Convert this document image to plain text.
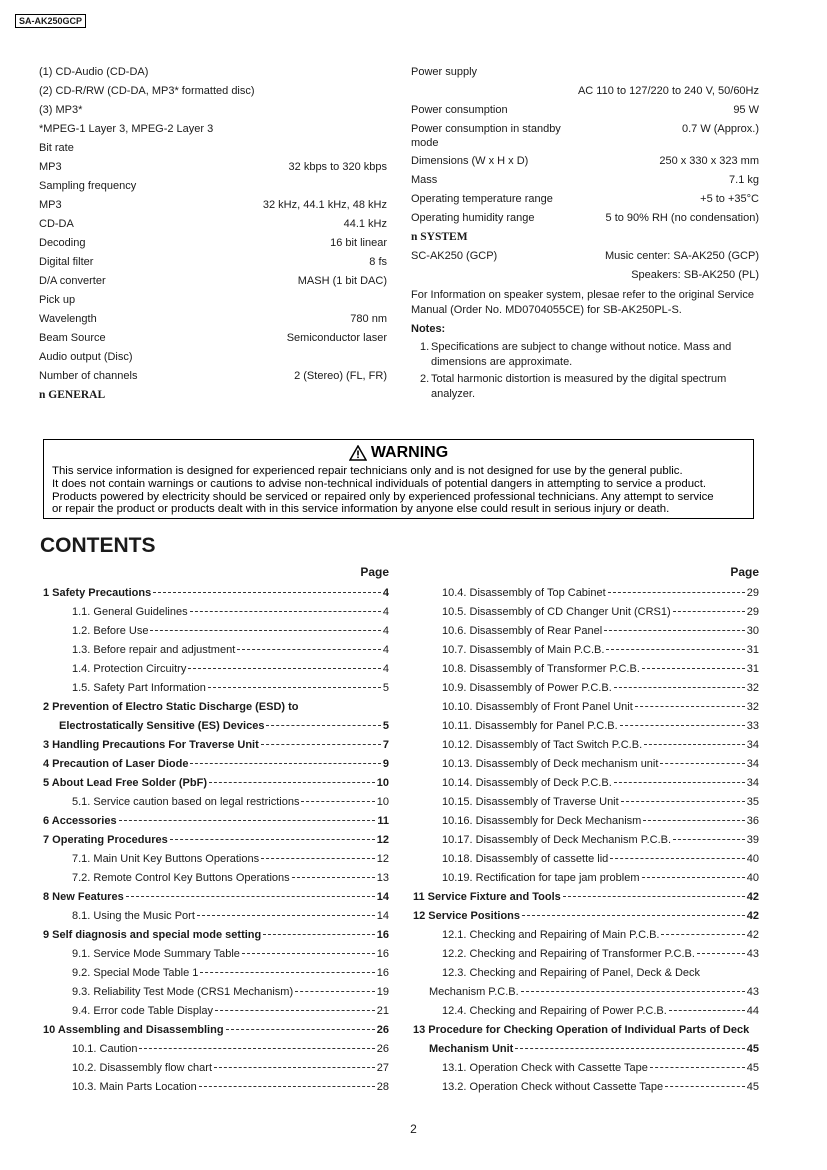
SA-AK250GCP
(1) CD-Audio (CD-DA)
(2) CD-R/RW (CD-DA, MP3* formatted disc)
(3) MP3*
*MPEG-1 Layer 3, MPEG-2 Layer 3
Bit rate
MP3	32 kbps to 320 kbps
Sampling frequency
MP3	32 kHz, 44.1 kHz, 48 kHz
CD-DA	44.1 kHz
Decoding	16 bit linear
Digital filter	8 fs
D/A converter	MASH (1 bit DAC)
Pick up
Wavelength	780 nm
Beam Source	Semiconductor laser
Audio output (Disc)
Number of channels	2 (Stereo) (FL, FR)
n GENERAL
Power supply
AC 110 to 127/220 to 240 V, 50/60Hz
Power consumption	95 W
Power consumption in standby
mode
0.7 W (Approx.)
Dimensions (W x H x D)	250 x 330 x 323 mm
Mass	7.1 kg
Operating temperature range	+5 to +35°C
Operating humidity range	5 to 90% RH (no condensation)
n SYSTEM
SC-AK250 (GCP)	Music center: SA-AK250 (GCP)
Speakers: SB-AK250 (PL)
For Information on speaker system, plesae refer to the original Service Manual (Order No. MD0704055CE) for SB-AK250PL-S.
Notes:
1. Specifications are subject to change without notice. Mass and dimensions are approximate.
2. Total harmonic distortion is measured by the digital spectrum analyzer.
WARNING
This service information is designed for experienced repair technicians only and is not designed for use by the general public.
It does not contain warnings or cautions to advise non-technical individuals of potential dangers in attempting to service a product.
Products powered by electricity should be serviced or repaired only by experienced professional technicians. Any attempt to service
or repair the product or products dealt with in this service information by anyone else could result in serious injury or death.
CONTENTS
Page
1 Safety Precautions	4
1.1. General Guidelines	4
1.2. Before Use	4
1.3. Before repair and adjustment	4
1.4. Protection Circuitry	4
1.5. Safety Part Information	5
2 Prevention of Electro Static Discharge (ESD) to
Electrostatically Sensitive (ES) Devices	5
3 Handling Precautions For Traverse Unit	7
4 Precaution of Laser Diode	9
5 About Lead Free Solder (PbF)	10
5.1. Service caution based on legal restrictions	10
6 Accessories	11
7 Operating Procedures	12
7.1. Main Unit Key Buttons Operations	12
7.2. Remote Control Key Buttons Operations	13
8 New Features	14
8.1. Using the Music Port	14
9 Self diagnosis and special mode setting	16
9.1. Service Mode Summary Table	16
9.2. Special Mode Table 1	16
9.3. Reliability Test Mode (CRS1 Mechanism)	19
9.4. Error code Table Display	21
10 Assembling and Disassembling	26
10.1. Caution	26
10.2. Disassembly flow chart	27
10.3. Main Parts Location	28
Page
10.4. Disassembly of Top Cabinet	29
10.5. Disassembly of CD Changer Unit (CRS1)	29
10.6. Disassembly of Rear Panel	30
10.7. Disassembly of Main P.C.B.	31
10.8. Disassembly of Transformer P.C.B.	31
10.9. Disassembly of Power P.C.B.	32
10.10. Disassembly of Front Panel Unit	32
10.11. Disassembly for Panel P.C.B.	33
10.12. Disassembly of Tact Switch P.C.B.	34
10.13. Disassembly of Deck mechanism unit	34
10.14. Disassembly of Deck P.C.B.	34
10.15. Disassembly of Traverse Unit	35
10.16. Disassembly for Deck Mechanism	36
10.17. Disassembly of Deck Mechanism P.C.B.	39
10.18. Disassembly of cassette lid	40
10.19. Rectification for tape jam problem	40
11 Service Fixture and Tools	42
12 Service Positions	42
12.1. Checking and Repairing of Main P.C.B.	42
12.2. Checking and Repairing of Transformer P.C.B.	43
12.3. Checking and Repairing of Panel, Deck & Deck
Mechanism P.C.B.	43
12.4. Checking and Repairing of Power P.C.B.	44
13 Procedure for Checking Operation of Individual Parts of Deck
Mechanism Unit	45
13.1. Operation Check with Cassette Tape	45
13.2. Operation Check without Cassette Tape	45
2
